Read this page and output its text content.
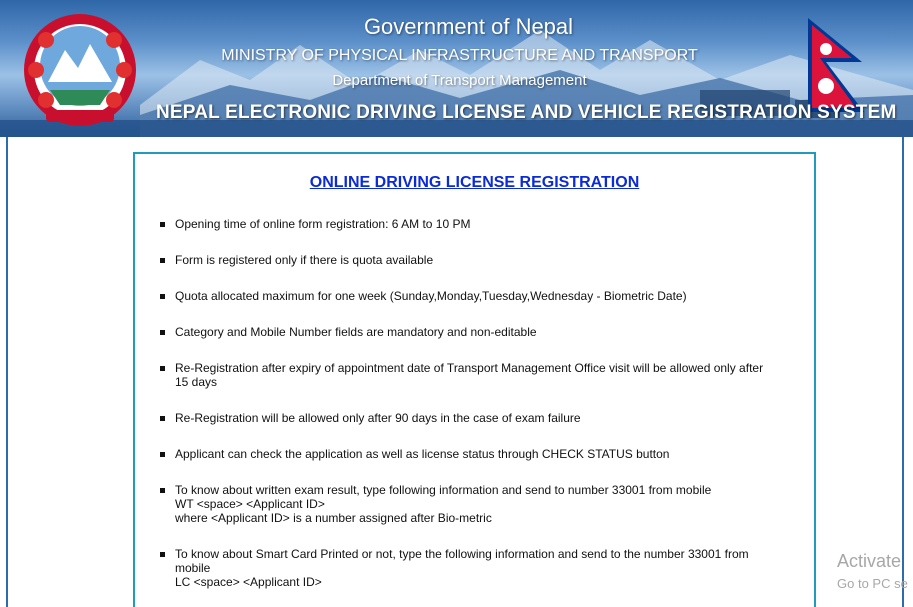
Government of Nepal
MINISTRY OF PHYSICAL INFRASTRUCTURE AND TRANSPORT
Department of Transport Management
NEPAL ELECTRONIC DRIVING LICENSE AND VEHICLE REGISTRATION SYSTEM
ONLINE DRIVING LICENSE REGISTRATION
Opening time of online form registration: 6 AM to 10 PM
Form is registered only if there is quota available
Quota allocated maximum for one week (Sunday,Monday,Tuesday,Wednesday - Biometric Date)
Category and Mobile Number fields are mandatory and non-editable
Re-Registration after expiry of appointment date of Transport Management Office visit will be allowed only after
15 days
Re-Registration will be allowed only after 90 days in the case of exam failure
Applicant can check the application as well as license status through CHECK STATUS button
To know about written exam result, type following information and send to number 33001 from mobile
WT <space> <Applicant ID>
where <Applicant ID> is a number assigned after Bio-metric
To know about Smart Card Printed or not, type the following information and send to the number 33001 from
mobile
LC <space> <Applicant ID>
Activate
Go to PC se
